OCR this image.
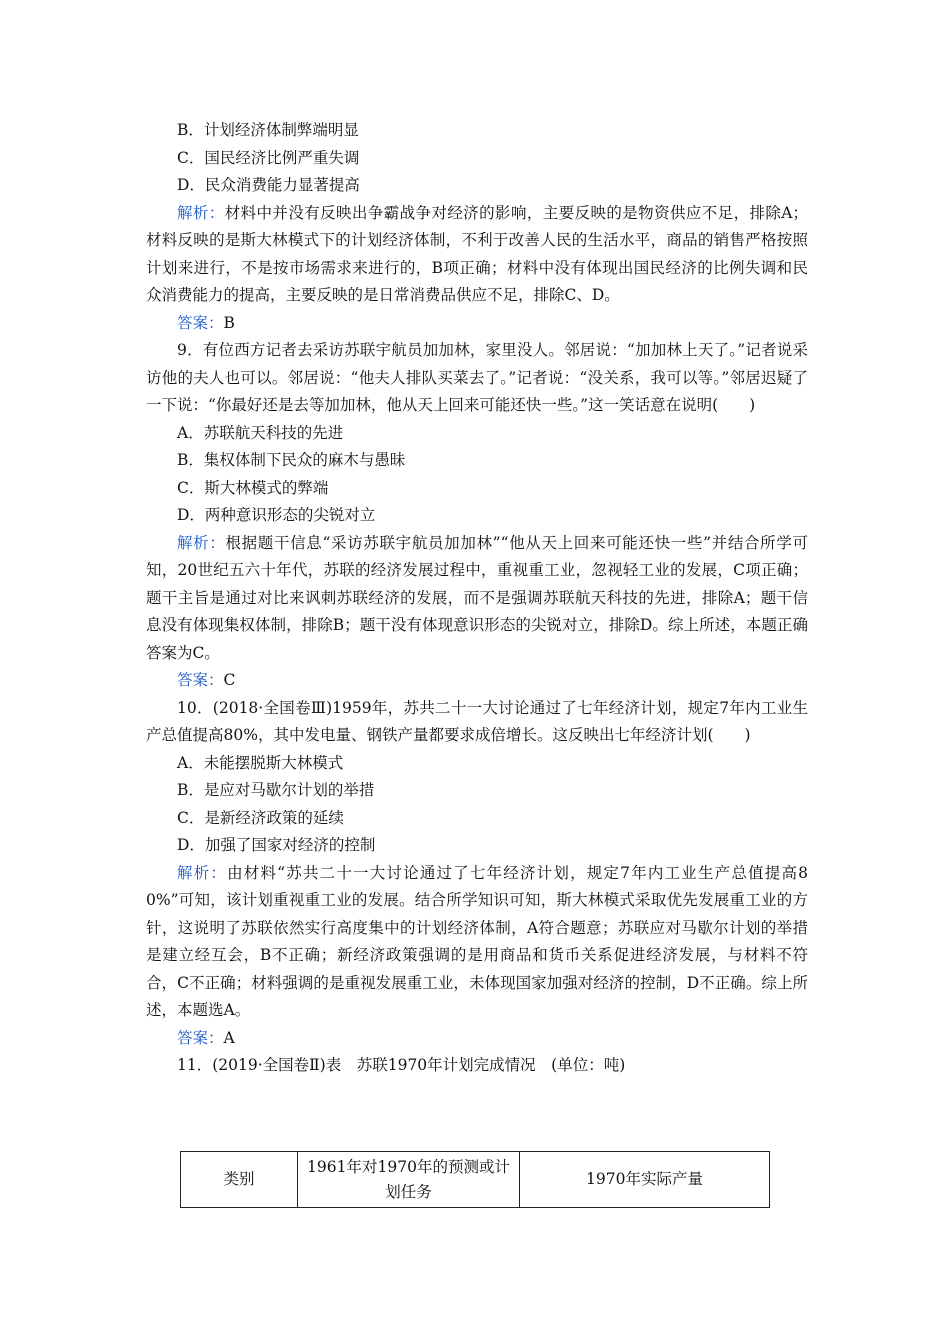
B．计划经济体制弊端明显
C．国民经济比例严重失调
D．民众消费能力显著提高
解析：材料中并没有反映出争霸战争对经济的影响，主要反映的是物资供应不足，排除A；材料反映的是斯大林模式下的计划经济体制，不利于改善人民的生活水平，商品的销售严格按照计划来进行，不是按市场需求来进行的，B项正确；材料中没有体现出国民经济的比例失调和民众消费能力的提高，主要反映的是日常消费品供应不足，排除C、D。
答案：B
9．有位西方记者去采访苏联宇航员加加林，家里没人。邻居说：“加加林上天了。”记者说采访他的夫人也可以。邻居说：“他夫人排队买菜去了。”记者说：“没关系，我可以等。”邻居迟疑了一下说：“你最好还是去等加加林，他从天上回来可能还快一些。”这一笑话意在说明(　　)
A．苏联航天科技的先进
B．集权体制下民众的麻木与愚昧
C．斯大林模式的弊端
D．两种意识形态的尖锐对立
解析：根据题干信息“采访苏联宇航员加加林”“他从天上回来可能还快一些”并结合所学可知，20世纪五六十年代，苏联的经济发展过程中，重视重工业，忽视轻工业的发展，C项正确；题干主旨是通过对比来讽刺苏联经济的发展，而不是强调苏联航天科技的先进，排除A；题干信息没有体现集权体制，排除B；题干没有体现意识形态的尖锐对立，排除D。综上所述，本题正确答案为C。
答案：C
10．(2018·全国卷Ⅲ)1959年，苏共二十一大讨论通过了七年经济计划，规定7年内工业生产总值提高80%，其中发电量、钢铁产量都要求成倍增长。这反映出七年经济计划(　　)
A．未能摆脱斯大林模式
B．是应对马歇尔计划的举措
C．是新经济政策的延续
D．加强了国家对经济的控制
解析：由材料“苏共二十一大讨论通过了七年经济计划，规定7年内工业生产总值提高80%”可知，该计划重视重工业的发展。结合所学知识可知，斯大林模式采取优先发展重工业的方针，这说明了苏联依然实行高度集中的计划经济体制，A符合题意；苏联应对马歇尔计划的举措是建立经互会，B不正确；新经济政策强调的是用商品和货币关系促进经济发展，与材料不符合，C不正确；材料强调的是重视发展重工业，未体现国家加强对经济的控制，D不正确。综上所述，本题选A。
答案：A
11．(2019·全国卷Ⅱ)表　苏联1970年计划完成情况　(单位：吨)
类别	1961年对1970年的预测或计划任务	1970年实际产量
